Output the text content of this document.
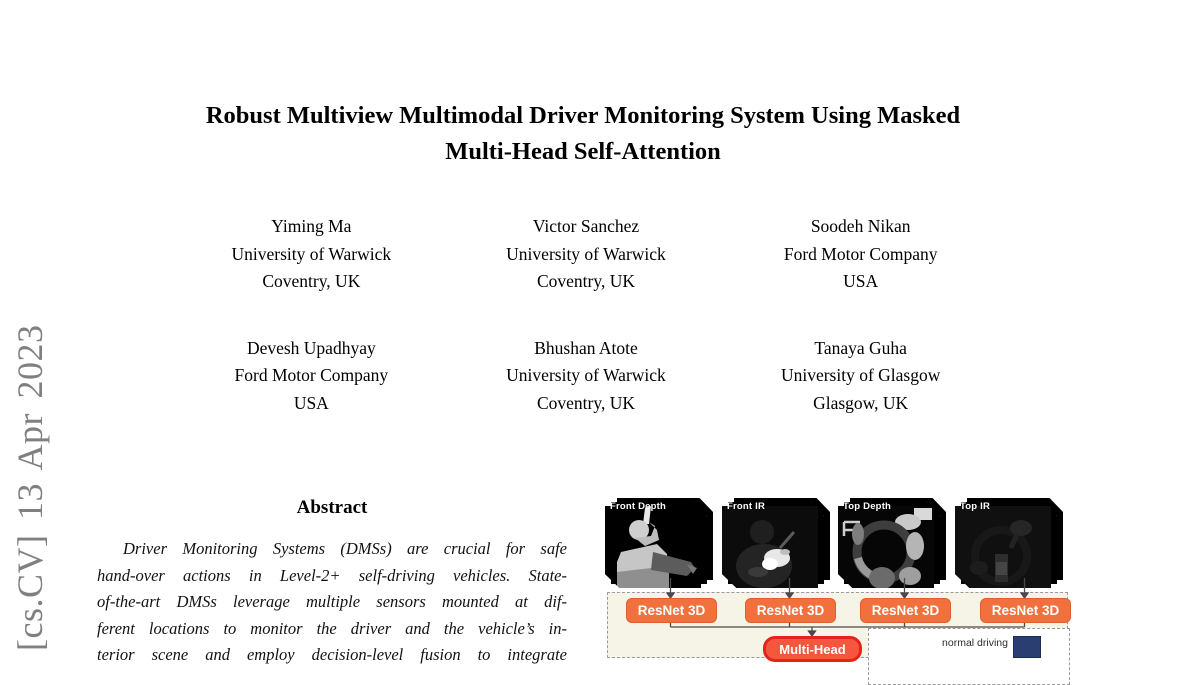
[cs.CV] 13 Apr 2023
Robust Multiview Multimodal Driver Monitoring System Using Masked
Multi-Head Self-Attention
Yiming Ma
University of Warwick
Coventry, UK
Victor Sanchez
University of Warwick
Coventry, UK
Soodeh Nikan
Ford Motor Company
USA
Devesh Upadhyay
Ford Motor Company
USA
Bhushan Atote
University of Warwick
Coventry, UK
Tanaya Guha
University of Glasgow
Glasgow, UK
Abstract
Driver Monitoring Systems (DMSs) are crucial for safe
hand-over actions in Level-2+ self-driving vehicles. State-
of-the-art DMSs leverage multiple sensors mounted at dif-
ferent locations to monitor the driver and the vehicle’s in-
terior scene and employ decision-level fusion to integrate
Front Depth	Front IR	Top Depth	Top IR
ResNet 3D	ResNet 3D	ResNet 3D	ResNet 3D
Multi-Head	normal driving
